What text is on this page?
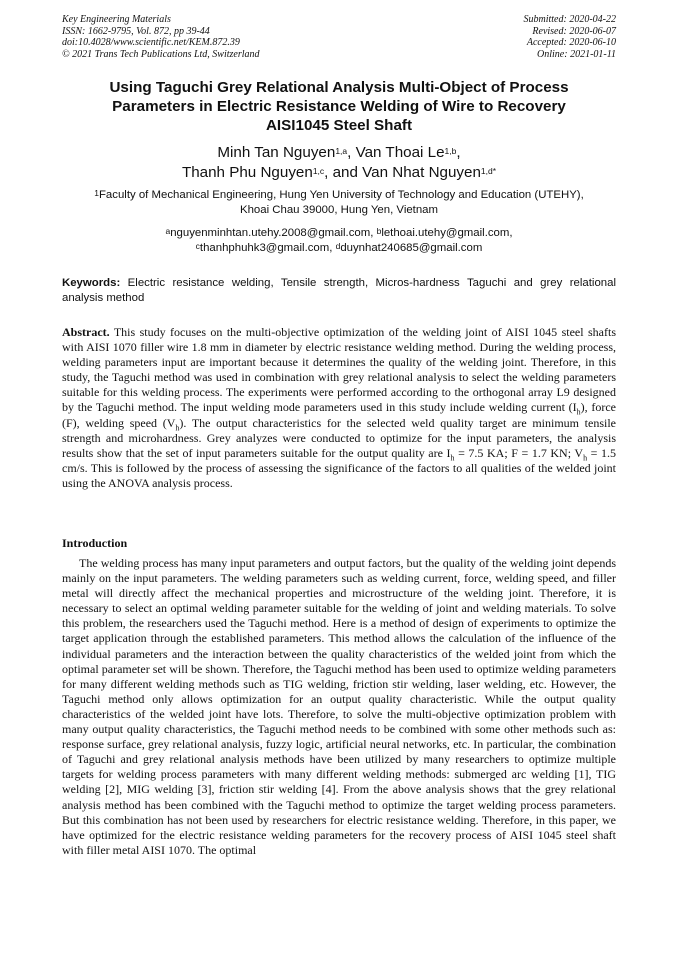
Key Engineering Materials
ISSN: 1662-9795, Vol. 872, pp 39-44
doi:10.4028/www.scientific.net/KEM.872.39
© 2021 Trans Tech Publications Ltd, Switzerland
Submitted: 2020-04-22
Revised: 2020-06-07
Accepted: 2020-06-10
Online: 2021-01-11
Using Taguchi Grey Relational Analysis Multi-Object of Process
Parameters in Electric Resistance Welding of Wire to Recovery
AISI1045 Steel Shaft
Minh Tan Nguyen$^{1,a}$, Van Thoai Le$^{1,b}$,
Thanh Phu Nguyen$^{1,c}$, and Van Nhat Nguyen$^{1,d*}$
$^1$Faculty of Mechanical Engineering, Hung Yen University of Technology and Education (UTEHY),
Khoai Chau 39000, Hung Yen, Vietnam
$^a$nguyenminhtan.utehy.2008@gmail.com, $^b$lethoai.utehy@gmail.com,
$^c$thanhphuhk3@gmail.com, $^d$duynhat240685@gmail.com
Keywords: Electric resistance welding, Tensile strength, Micros-hardness Taguchi and grey relational analysis method
Abstract. This study focuses on the multi-objective optimization of the welding joint of AISI 1045 steel shafts with AISI 1070 filler wire 1.8 mm in diameter by electric resistance welding method. During the welding process, welding parameters input are important because it determines the quality of the welding joint. Therefore, in this study, the Taguchi method was used in combination with grey relational analysis to select the welding parameters suitable for this welding process. The experiments were performed according to the orthogonal array L9 designed by the Taguchi method. The input welding mode parameters used in this study include welding current $(I_h)$, force (F), welding speed $(V_h)$. The output characteristics for the selected weld quality target are minimum tensile strength and microhardness. Grey analyzes were conducted to optimize for the input parameters, the analysis results show that the set of input parameters suitable for the output quality are $I_h = 7.5$ KA; F = 1.7 KN; $V_h = 1.5$ cm/s. This is followed by the process of assessing the significance of the factors to all qualities of the welded joint using the ANOVA analysis process.
Introduction
The welding process has many input parameters and output factors, but the quality of the welding joint depends mainly on the input parameters. The welding parameters such as welding current, force, welding speed, and filler metal will directly affect the mechanical properties and microstructure of the welding joint. Therefore, it is necessary to select an optimal welding parameter suitable for the welding of joint and welding materials. To solve this problem, the researchers used the Taguchi method. Here is a method of design of experiments to optimize the target application through the established parameters. This method allows the calculation of the influence of the individual parameters and the interaction between the quality characteristics of the welded joint from which the optimal parameter set will be shown. Therefore, the Taguchi method has been used to optimize welding parameters for many different welding methods such as TIG welding, friction stir welding, laser welding, etc. However, the Taguchi method only allows optimization for an output quality characteristic. While the output quality characteristics of the welded joint have lots. Therefore, to solve the multi-objective optimization problem with many output quality characteristics, the Taguchi method needs to be combined with some other methods such as: response surface, grey relational analysis, fuzzy logic, artificial neural networks, etc. In particular, the combination of Taguchi and grey relational analysis methods have been utilized by many researchers to optimize multiple targets for welding process parameters with many different welding methods: submerged arc welding [1], TIG welding [2], MIG welding [3], friction stir welding [4]. From the above analysis shows that the grey relational analysis method has been combined with the Taguchi method to optimize the target welding process parameters. But this combination has not been used by researchers for electric resistance welding. Therefore, in this paper, we have optimized for the electric resistance welding parameters for the recovery process of AISI 1045 steel shaft with filler metal AISI 1070. The optimal
